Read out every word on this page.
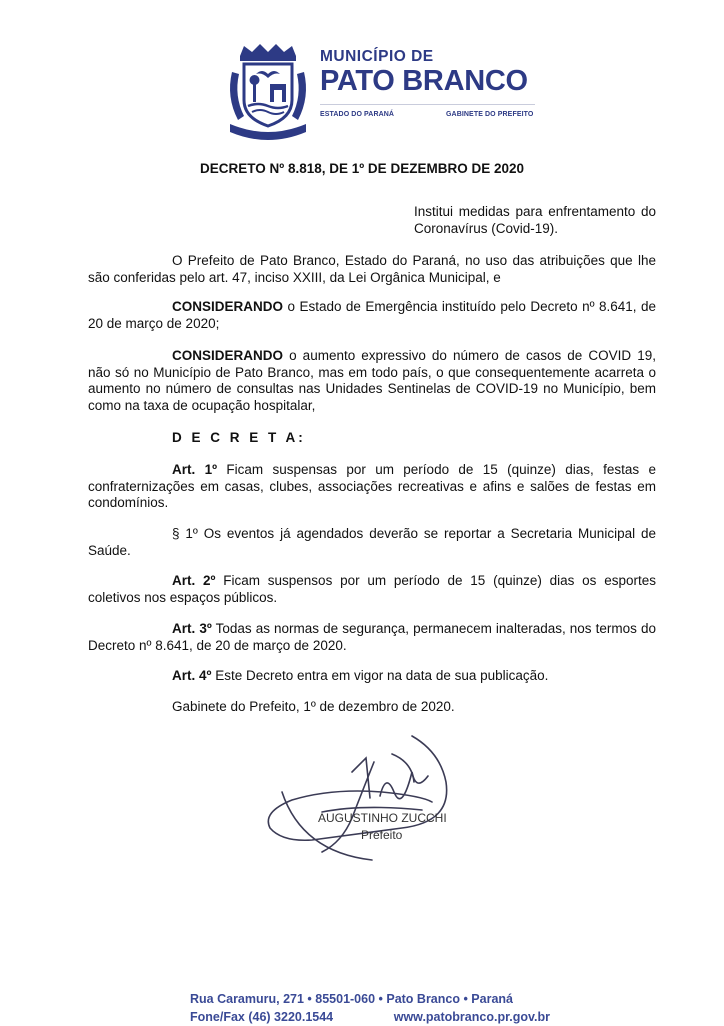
MUNICÍPIO DE
PATO BRANCO
ESTADO DO PARANÁ	GABINETE DO PREFEITO
DECRETO Nº 8.818, DE 1º DE DEZEMBRO DE 2020

Institui medidas para enfrentamento do Coronavírus (Covid-19).

O Prefeito de Pato Branco, Estado do Paraná, no uso das atribuições que lhe são conferidas pelo art. 47, inciso XXIII, da Lei Orgânica Municipal, e

CONSIDERANDO o Estado de Emergência instituído pelo Decreto nº 8.641, de 20 de março de 2020;

CONSIDERANDO o aumento expressivo do número de casos de COVID 19, não só no Município de Pato Branco, mas em todo país, o que consequentemente acarreta o aumento no número de consultas nas Unidades Sentinelas de COVID-19 no Município, bem como na taxa de ocupação hospitalar,

D E C R E T A:

Art. 1º Ficam suspensas por um período de 15 (quinze) dias, festas e confraternizações em casas, clubes, associações recreativas e afins e salões de festas em condomínios.

§ 1º Os eventos já agendados deverão se reportar a Secretaria Municipal de Saúde.

Art. 2º Ficam suspensos por um período de 15 (quinze) dias os esportes coletivos nos espaços públicos.

Art. 3º Todas as normas de segurança, permanecem inalteradas, nos termos do Decreto nº 8.641, de 20 de março de 2020.

Art. 4º Este Decreto entra em vigor na data de sua publicação.

Gabinete do Prefeito, 1º de dezembro de 2020.

AUGUSTINHO ZUCCHI
Prefeito
Rua Caramuru, 271 • 85501-060 • Pato Branco • Paraná
Fone/Fax (46) 3220.1544	www.patobranco.pr.gov.br
